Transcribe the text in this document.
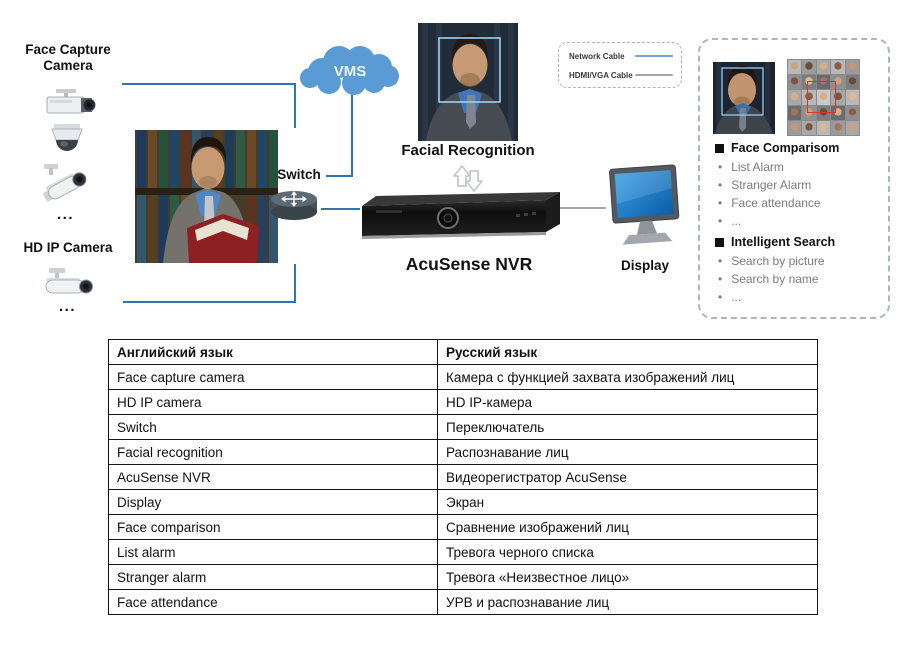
Face Capture Camera
...
HD IP Camera
...
Switch
VMS
Facial Recognition
AcuSense NVR	Display
Network Cable
HDMI/VGA Cable
Face Comparisom
• List Alarm
• Stranger Alarm
• Face attendance
• ...
Intelligent Search
• Search by picture
• Search by name
• ...
Английский язык	Русский язык
Face capture camera	Камера с функцией захвата изображений лиц
HD IP camera	HD IP-камера
Switch	Переключатель
Facial recognition	Распознавание лиц
AcuSense NVR	Видеорегистратор AcuSense
Display	Экран
Face comparison	Сравнение изображений лиц
List alarm	Тревога черного списка
Stranger alarm	Тревога «Неизвестное лицо»
Face attendance	УРВ и распознавание лиц
